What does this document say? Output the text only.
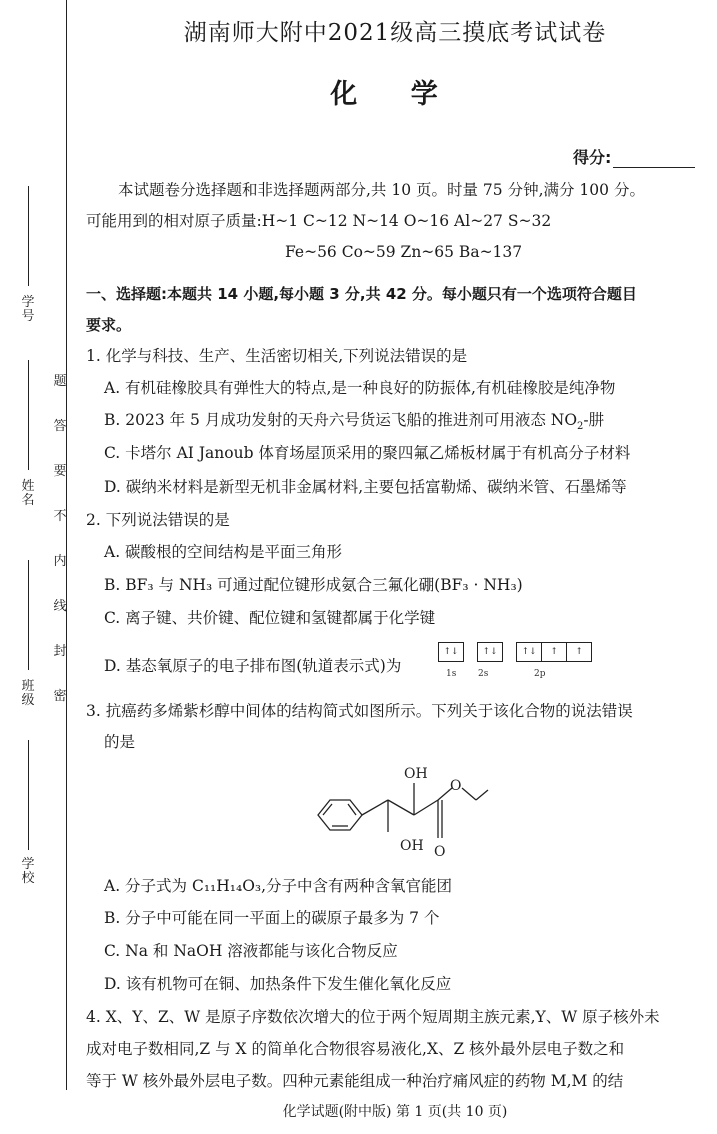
学 号
姓 名
班 级
学 校
题
答
要
不
内
线
封
密
湖南师大附中2021级高三摸底考试试卷
化 学
得分:
本试题卷分选择题和非选择题两部分,共 10 页。时量 75 分钟,满分 100 分。
可能用到的相对原子质量:H~1 C~12 N~14 O~16 Al~27 S~32
Fe~56 Co~59 Zn~65 Ba~137
一、选择题:本题共 14 小题,每小题 3 分,共 42 分。每小题只有一个选项符合题目
要求。
1. 化学与科技、生产、生活密切相关,下列说法错误的是
A. 有机硅橡胶具有弹性大的特点,是一种良好的防振体,有机硅橡胶是纯净物
B. 2023 年 5 月成功发射的天舟六号货运飞船的推进剂可用液态 $NO_2-$肼
C. 卡塔尔 AI Janoub 体育场屋顶采用的聚四氟乙烯板材属于有机高分子材料
D. 碳纳米材料是新型无机非金属材料,主要包括富勒烯、碳纳米管、石墨烯等
2. 下列说法错误的是
A. 碳酸根的空间结构是平面三角形
B. BF₃ 与 NH₃ 可通过配位键形成氨合三氟化硼(BF₃ · NH₃)
C. 离子键、共价键、配位键和氢键都属于化学键
D. 基态氧原子的电子排布图(轨道表示式)为
↑↓	↑↓	↑↓ ↑ ↑
1s 2s	2p
3. 抗癌药多烯紫杉醇中间体的结构简式如图所示。下列关于该化合物的说法错误
的是
OH
O
OH O
A. 分子式为 C₁₁H₁₄O₃,分子中含有两种含氧官能团
B. 分子中可能在同一平面上的碳原子最多为 7 个
C. Na 和 NaOH 溶液都能与该化合物反应
D. 该有机物可在铜、加热条件下发生催化氧化反应
4. X、Y、Z、W 是原子序数依次增大的位于两个短周期主族元素,Y、W 原子核外未
成对电子数相同,Z 与 X 的简单化合物很容易液化,X、Z 核外最外层电子数之和
等于 W 核外最外层电子数。四种元素能组成一种治疗痛风症的药物 M,M 的结
化学试题(附中版) 第 1 页(共 10 页)
